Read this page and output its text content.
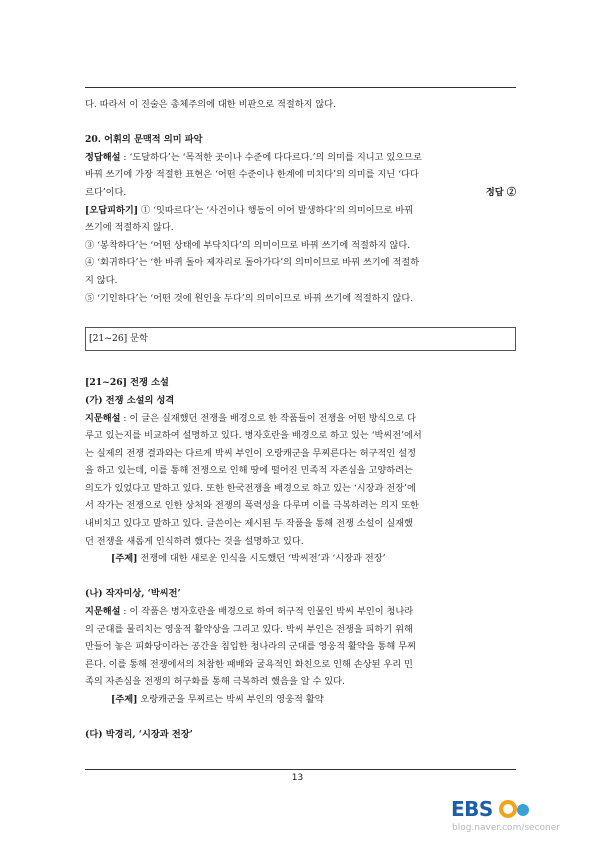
다. 따라서 이 진술은 총체주의에 대한 비판으로 적절하지 않다.

20. 어휘의 문맥적 의미 파악

정답해설 : ‘도달하다’는 ‘목적한 곳이나 수준에 다다르다.’의 의미를 지니고 있으므로

바꿔 쓰기에 가장 적절한 표현은 ‘어떤 수준이나 한계에 미치다’의 의미를 지닌 ‘다다

정답 ②
르다’이다.

[오답피하기] ① ‘잇따르다’는 ‘사건이나 행동이 이어 발생하다’의 의미이므로 바꿔

쓰기에 적절하지 않다.

③ ‘봉착하다’는 ‘어떤 상태에 부닥치다’의 의미이므로 바꿔 쓰기에 적절하지 않다.

④ ‘회귀하다’는 ‘한 바퀴 돌아 제자리로 돌아가다’의 의미이므로 바꿔 쓰기에 적절하

지 않다.

⑤ ‘기인하다’는 ‘어떤 것에 원인을 두다’의 의미이므로 바꿔 쓰기에 적절하지 않다.

[21~26] 문학

[21~26] 전쟁 소설

(가) 전쟁 소설의 성격

지문해설 : 이 글은 실재했던 전쟁을 배경으로 한 작품들이 전쟁을 어떤 방식으로 다

루고 있는지를 비교하여 설명하고 있다. 병자호란을 배경으로 하고 있는 ‘박씨전’에서

는 실제의 전쟁 결과와는 다르게 박씨 부인이 오랑캐군을 무찌른다는 허구적인 설정

을 하고 있는데, 이를 통해 전쟁으로 인해 땅에 떨어진 민족적 자존심을 고양하려는

의도가 있었다고 말하고 있다. 또한 한국전쟁을 배경으로 하고 있는 ‘시장과 전장’에

서 작가는 전쟁으로 인한 상처와 전쟁의 폭력성을 다루며 이를 극복하려는 의지 또한

내비치고 있다고 말하고 있다. 글쓴이는 제시된 두 작품을 통해 전쟁 소설이 실재했

던 전쟁을 새롭게 인식하려 했다는 것을 설명하고 있다.

[주제] 전쟁에 대한 새로운 인식을 시도했던 ‘박씨전’과 ‘시장과 전장’

(나) 작자미상, ‘박씨전’

지문해설 : 이 작품은 병자호란을 배경으로 하여 허구적 인물인 박씨 부인이 청나라

의 군대를 물리치는 영웅적 활약상을 그리고 있다. 박씨 부인은 전쟁을 피하기 위해

만들어 놓은 피화당이라는 공간을 침입한 청나라의 군대를 영웅적 활약을 통해 무찌

른다. 이를 통해 전쟁에서의 처참한 패배와 굴욕적인 화친으로 인해 손상된 우리 민

족의 자존심을 전쟁의 허구화를 통해 극복하려 했음을 알 수 있다.

[주제] 오랑캐군을 무찌르는 박씨 부인의 영웅적 활약

(다) 박경리, ‘시장과 전장’

13
EBS
blog.naver.com/seconer
